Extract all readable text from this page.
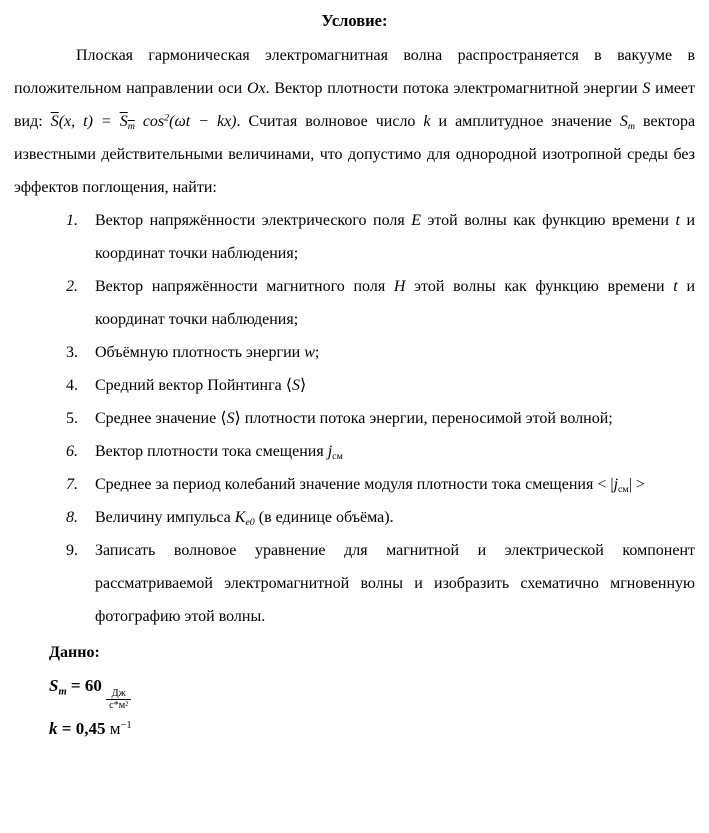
Условие:

Плоская гармоническая электромагнитная волна распространяется в вакууме в положительном направлении оси Ox. Вектор плотности потока электромагнитной энергии S имеет вид: $\overline{S}(x$, $t) = S_m$ $\cos^2(\omega t - kx)$. Считая волновое число k и амплитудное значение $S_m$ вектора известными действительными величинами, что допустимо для однородной изотропной среды без эффектов поглощения, найти:

1.	Вектор напряжённости электрического поля E этой волны как функцию времени t и координат точки наблюдения;
2.	Вектор напряжённости магнитного поля H этой волны как функцию времени t и координат точки наблюдения;
3.	Объёмную плотность энергии w;
4.	Средний вектор Пойнтинга ⟨S⟩
5.	Среднее значение ⟨S⟩ плотности потока энергии, переносимой этой волной;
6.	Вектор плотности тока смещения $j_{см}$
7.	Среднее за период колебаний значение модуля плотности тока смещения < $|j_{см}|$ >
8.	Величину импульса $K_{е0}$ (в единице объёма).
9.	Записать волновое уравнение для магнитной и электрической компонент рассматриваемой электромагнитной волны и изобразить схематично мгновенную фотографию этой волны.
Данно:
$S_m = 60$
$\frac{Дж}{\text{с*м²}}$
k = 0,45 $м^{-1}$
